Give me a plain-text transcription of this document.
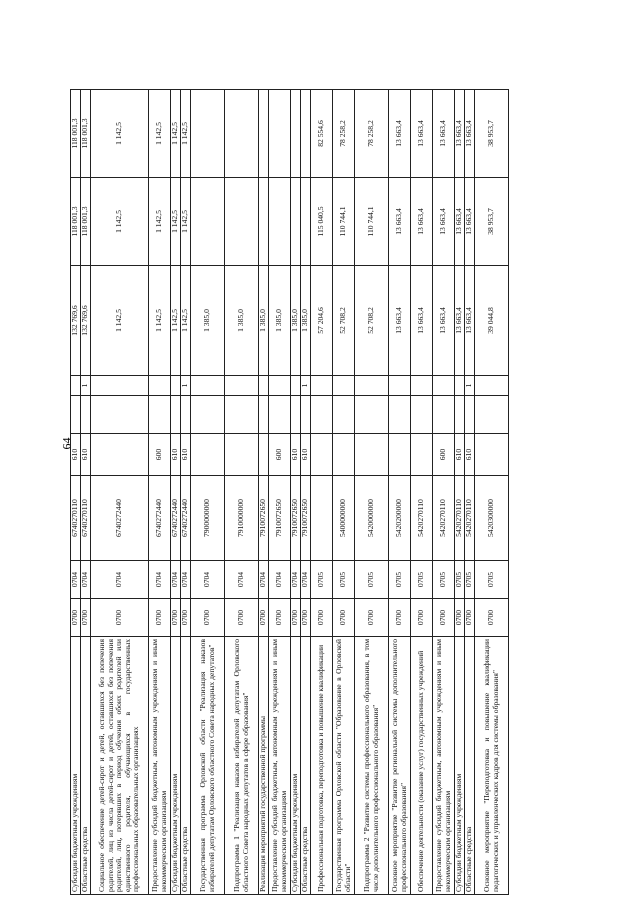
64
Субсидии бюджетным учреждениям	0700	0704	6740270110	610			132 769,6	118 001,3	118 001,3
Областные средства	0700	0704	6740270110	610		1	132 769,6	118 001,3	118 001,3
Социальное обеспечение детей-сирот и детей, оставшихся без попечения родителей, лиц из числа детей-сирот и детей, оставшихся без попечения родителей, лиц, потерявших в период обучения обоих родителей или единственного родителя, обучающихся в государственных профессиональных образовательных организациях	0700	0704	6740272440				1 142,5	1 142,5	1 142,5
Предоставление субсидий бюджетным, автономным учреждениям и иным некоммерческим организациям	0700	0704	6740272440	600			1 142,5	1 142,5	1 142,5
Субсидии бюджетным учреждениям	0700	0704	6740272440	610			1 142,5	1 142,5	1 142,5
Областные средства	0700	0704	6740272440	610		1	1 142,5	1 142,5	1 142,5
Государственная программа Орловской области "Реализация наказов избирателей депутатам Орловского областного Совета народных депутатов"	0700	0704	7900000000				1 385,0		
Подпрограмма 1 "Реализация наказов избирателей депутатам Орловского областного Совета народных депутатов в сфере образования"	0700	0704	7910000000				1 385,0		
Реализация мероприятий государственной программы	0700	0704	7910072650				1 385,0		
Предоставление субсидий бюджетным, автономным учреждениям и иным некоммерческим организациям	0700	0704	7910072650	600			1 385,0		
Субсидии бюджетным учреждениям	0700	0704	7910072650	610			1 385,0		
Областные средства	0700	0704	7910072650	610		1	1 385,0		
Профессиональная подготовка, переподготовка и повышение квалификации	0700	0705					57 204,6	115 040,5	82 554,6
Государственная программа Орловской области "Образование в Орловской области"	0700	0705	5400000000				52 708,2	110 744,1	78 258,2
Подпрограмма 2 "Развитие системы профессионального образования, в том числе дополнительного профессионального образования"	0700	0705	5420000000				52 708,2	110 744,1	78 258,2
Основное мероприятие "Развитие региональной системы дополнительного профессионального образования"	0700	0705	5420200000				13 663,4	13 663,4	13 663,4
Обеспечение деятельности (оказание услуг) государственных учреждений	0700	0705	5420270110				13 663,4	13 663,4	13 663,4
Предоставление субсидий бюджетным, автономным учреждениям и иным некоммерческим организациям	0700	0705	5420270110	600			13 663,4	13 663,4	13 663,4
Субсидии бюджетным учреждениям	0700	0705	5420270110	610			13 663,4	13 663,4	13 663,4
Областные средства	0700	0705	5420270110	610		1	13 663,4	13 663,4	13 663,4
Основное мероприятие "Переподготовка и повышение квалификации педагогических и управленческих кадров для системы образования"	0700	0705	5420300000				39 044,8	38 953,7	38 953,7
